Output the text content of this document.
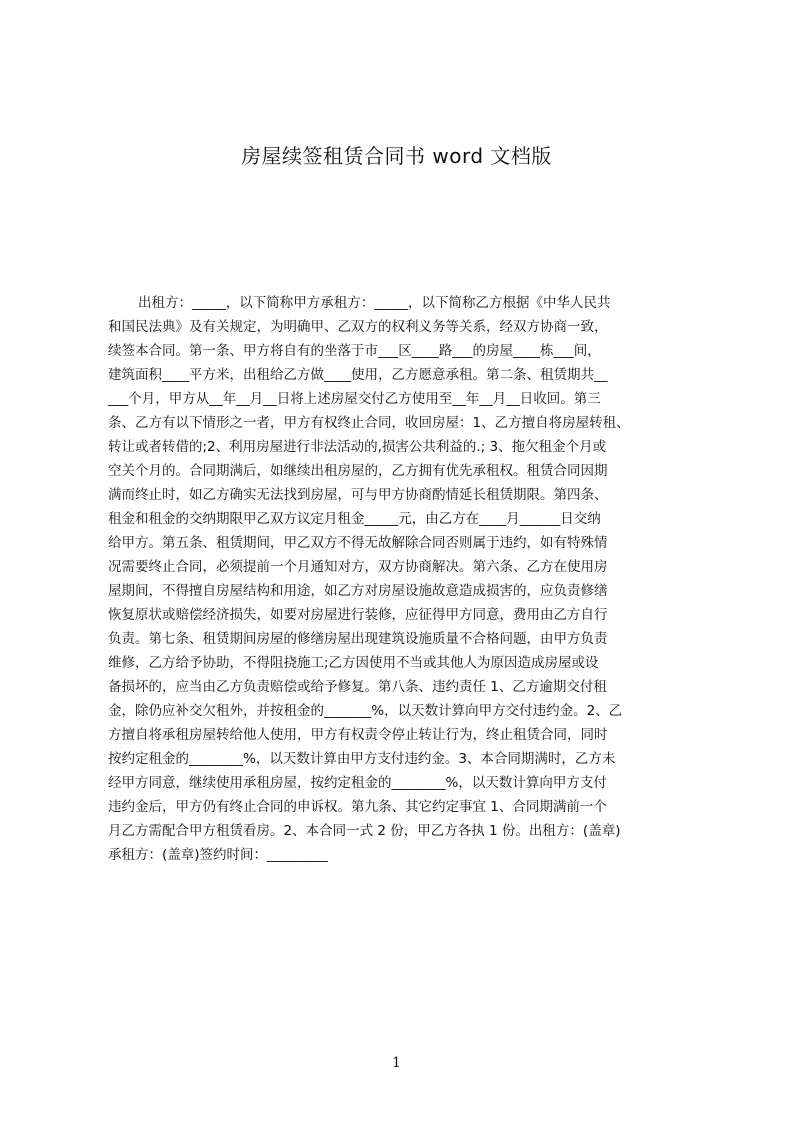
房屋续签租赁合同书 word 文档版
出租方：_____，以下简称甲方承租方：_____，以下简称乙方根据《中华人民共
和国民法典》及有关规定，为明确甲、乙双方的权利义务等关系，经双方协商一致，
续签本合同。第一条、甲方将自有的坐落于市___区____路___的房屋____栋___间，
建筑面积____平方米，出租给乙方做____使用，乙方愿意承租。第二条、租赁期共__
___个月，甲方从__年__月__日将上述房屋交付乙方使用至__年__月__日收回。第三
条、乙方有以下情形之一者，甲方有权终止合同，收回房屋：1、乙方擅自将房屋转租、
转让或者转借的;2、利用房屋进行非法活动的,损害公共利益的.; 3、拖欠租金个月或
空关个月的。合同期满后，如继续出租房屋的，乙方拥有优先承租权。租赁合同因期
满而终止时，如乙方确实无法找到房屋，可与甲方协商酌情延长租赁期限。第四条、
租金和租金的交纳期限甲乙双方议定月租金_____元，由乙方在____月______日交纳
给甲方。第五条、租赁期间，甲乙双方不得无故解除合同否则属于违约，如有特殊情
况需要终止合同，必须提前一个月通知对方，双方协商解决。第六条、乙方在使用房
屋期间，不得擅自房屋结构和用途，如乙方对房屋设施故意造成损害的，应负责修缮
恢复原状或赔偿经济损失，如要对房屋进行装修，应征得甲方同意，费用由乙方自行
负责。第七条、租赁期间房屋的修缮房屋出现建筑设施质量不合格问题，由甲方负责
维修，乙方给予协助，不得阻挠施工;乙方因使用不当或其他人为原因造成房屋或设
备损坏的，应当由乙方负责赔偿或给予修复。第八条、违约责任 1、乙方逾期交付租
金，除仍应补交欠租外，并按租金的_______%，以天数计算向甲方交付违约金。2、乙
方擅自将承租房屋转给他人使用，甲方有权责令停止转让行为，终止租赁合同，同时
按约定租金的________%，以天数计算由甲方支付违约金。3、本合同期满时，乙方未
经甲方同意，继续使用承租房屋，按约定租金的________%，以天数计算向甲方支付
违约金后，甲方仍有终止合同的申诉权。第九条、其它约定事宜 1、合同期满前一个
月乙方需配合甲方租赁看房。2、本合同一式 2 份，甲乙方各执 1 份。出租方：(盖章)
承租方：(盖章)签约时间：_________
1
